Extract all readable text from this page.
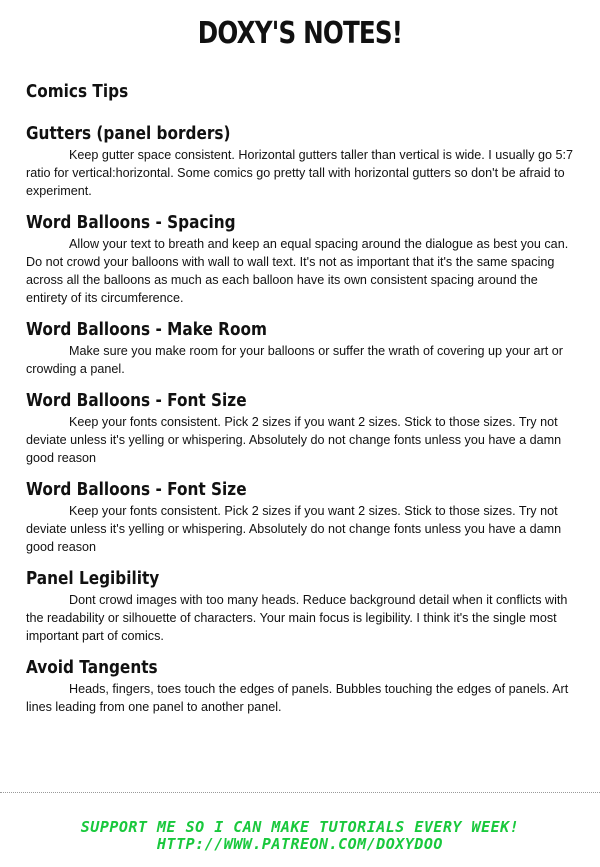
DOXY'S NOTES!
Comics Tips
Gutters (panel borders)

Keep gutter space consistent. Horizontal gutters taller than vertical is wide. I usually go 5:7 ratio for vertical:horizontal. Some comics go pretty tall with horizontal gutters so don't be afraid to experiment.

Word Balloons - Spacing

Allow your text to breath and keep an equal spacing around the dialogue as best you can. Do not crowd your balloons with wall to wall text. It's not as important that it's the same spacing across all the balloons as much as each balloon have its own consistent spacing around the entirety of its circumference.

Word Balloons - Make Room

Make sure you make room for your balloons or suffer the wrath of covering up your art or crowding a panel.

Word Balloons - Font Size

Keep your fonts consistent. Pick 2 sizes if you want 2 sizes. Stick to those sizes. Try not deviate unless it's yelling or whispering. Absolutely do not change fonts unless you have a damn good reason

Word Balloons - Font Size

Keep your fonts consistent. Pick 2 sizes if you want 2 sizes. Stick to those sizes. Try not deviate unless it's yelling or whispering. Absolutely do not change fonts unless you have a damn good reason

Panel Legibility

Dont crowd images with too many heads. Reduce background detail when it conflicts with the readability or silhouette of characters. Your main focus is legibility. I think it's the single most important part of comics.

Avoid Tangents

Heads, fingers, toes touch the edges of panels. Bubbles touching the edges of panels. Art lines leading from one panel to another panel.

SUPPORT ME SO I CAN MAKE TUTORIALS EVERY WEEK!
HTTP://WWW.PATREON.COM/DOXYDOO
